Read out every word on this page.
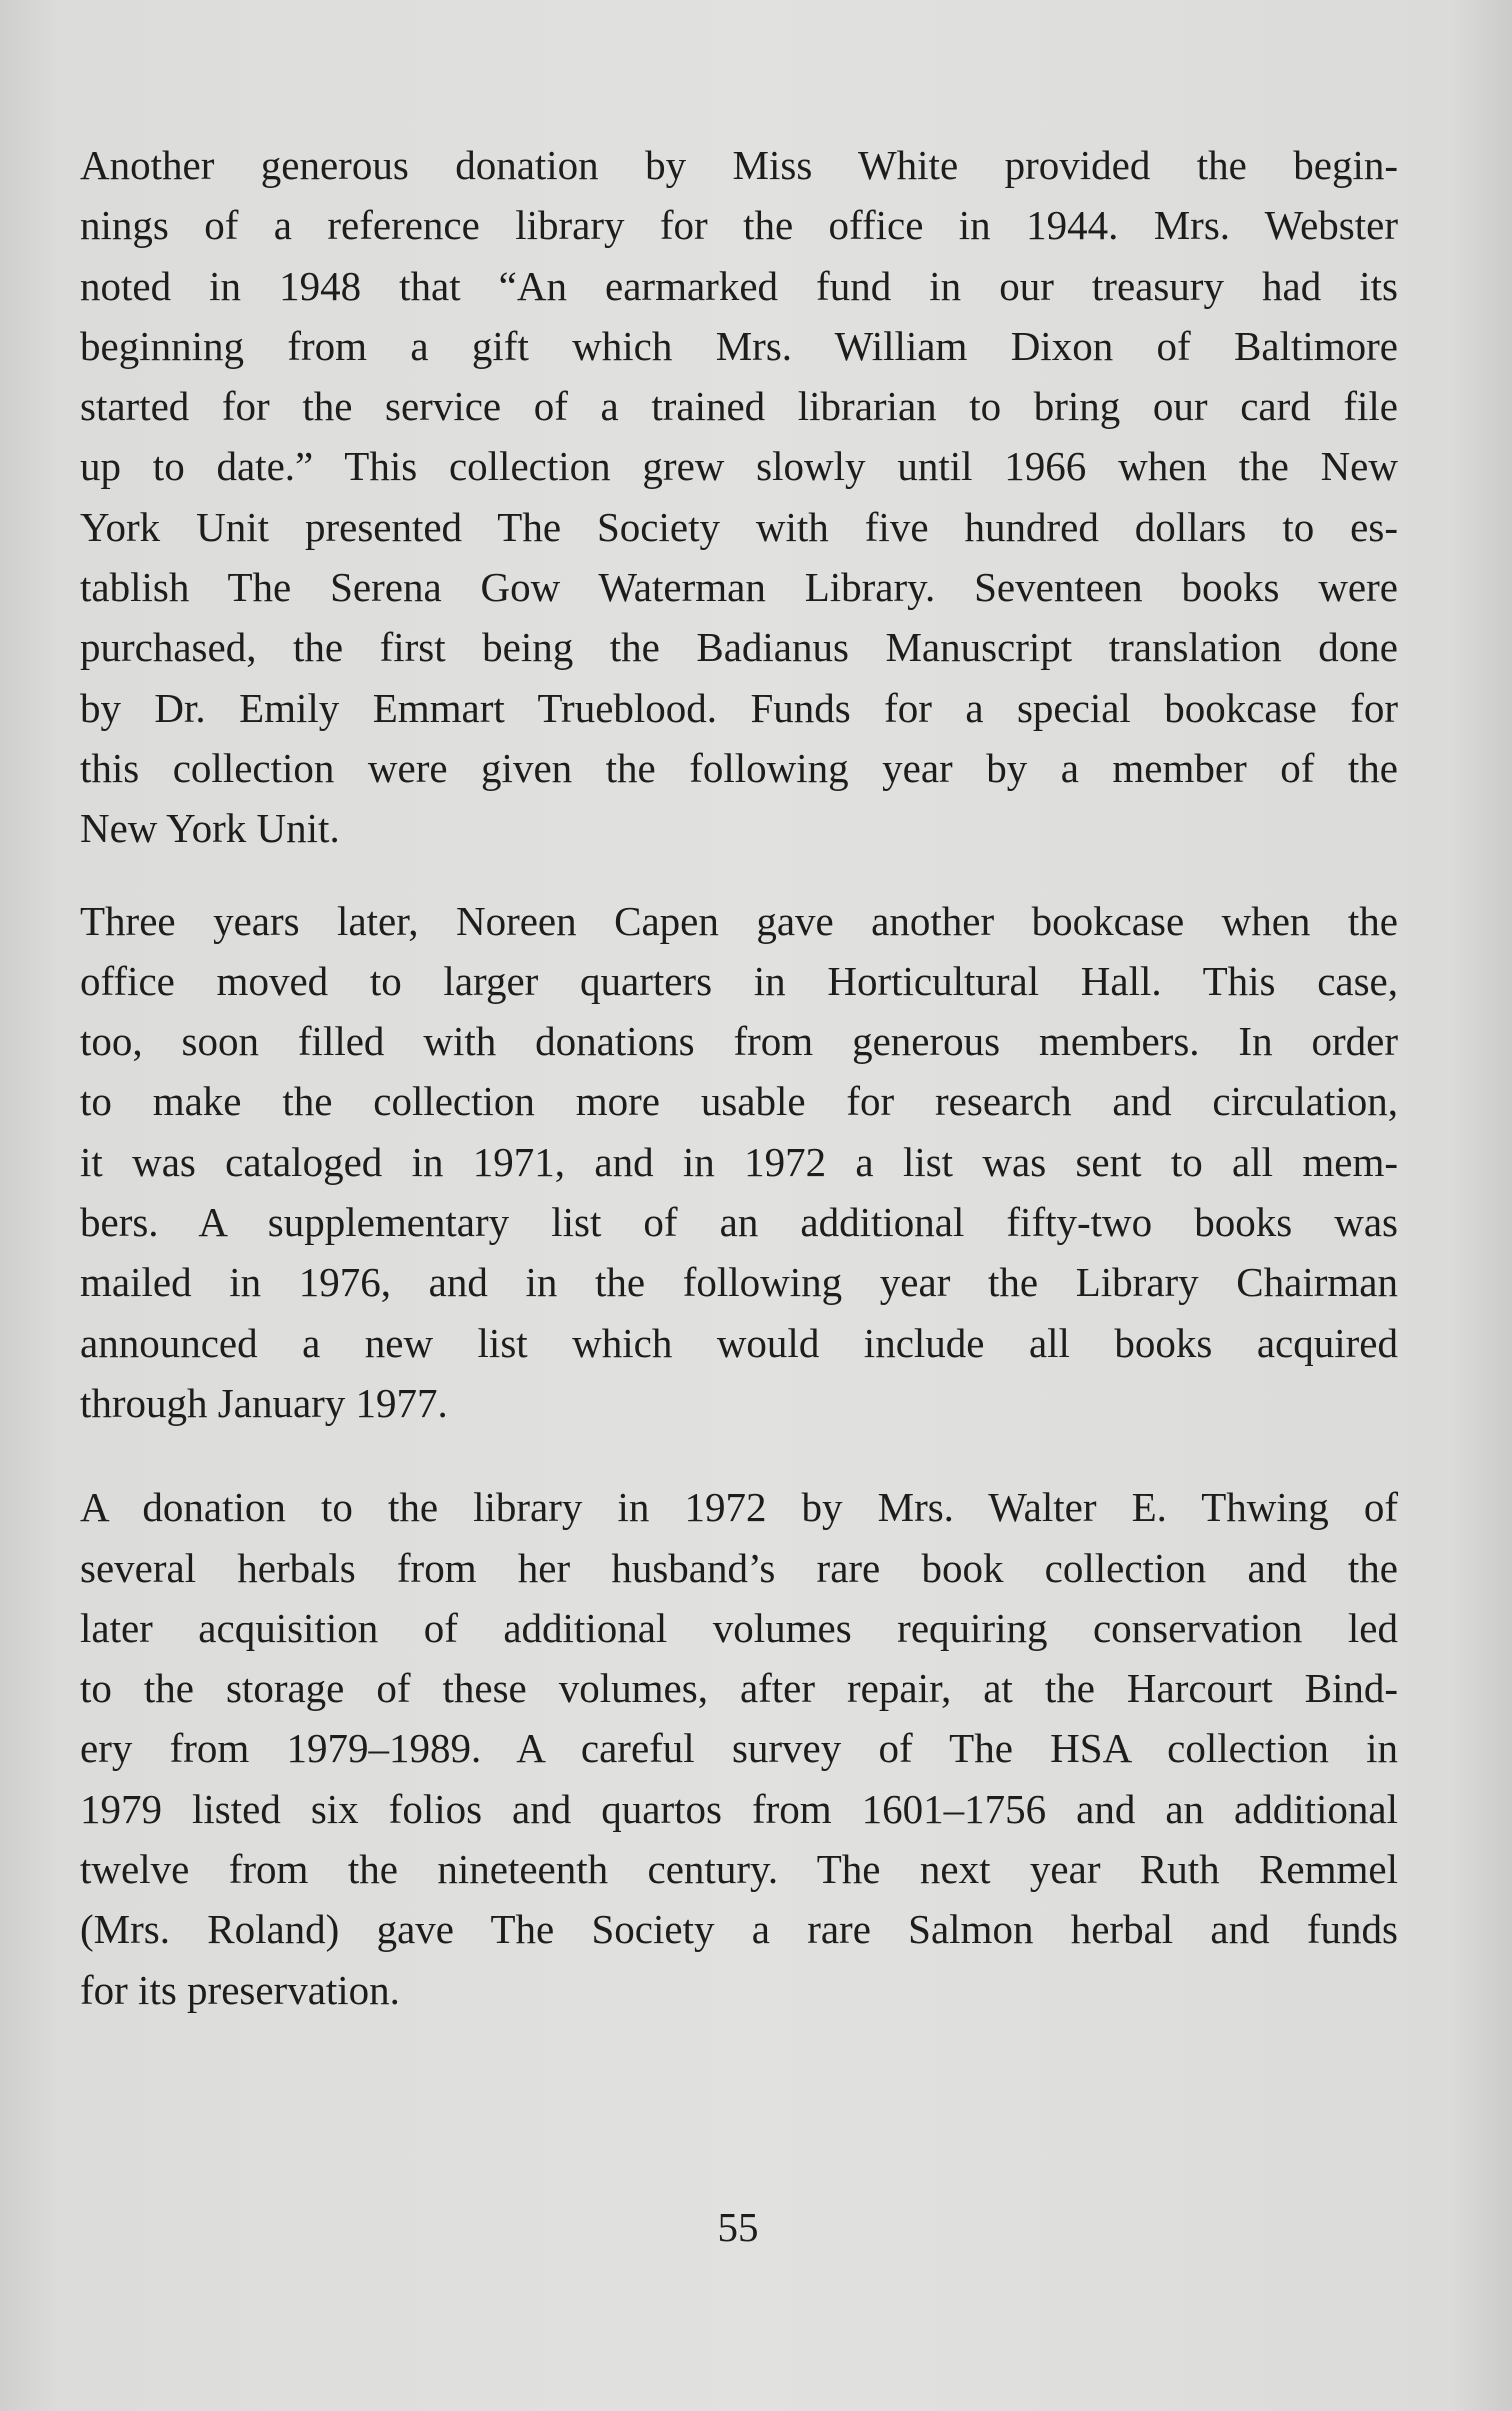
Another generous donation by Miss White provided the begin-
nings of a reference library for the office in 1944. Mrs. Webster
noted in 1948 that “An earmarked fund in our treasury had its
beginning from a gift which Mrs. William Dixon of Baltimore
started for the service of a trained librarian to bring our card file
up to date.” This collection grew slowly until 1966 when the New
York Unit presented The Society with five hundred dollars to es-
tablish The Serena Gow Waterman Library. Seventeen books were
purchased, the first being the Badianus Manuscript translation done
by Dr. Emily Emmart Trueblood. Funds for a special bookcase for
this collection were given the following year by a member of the
New York Unit.
Three years later, Noreen Capen gave another bookcase when the
office moved to larger quarters in Horticultural Hall. This case,
too, soon filled with donations from generous members. In order
to make the collection more usable for research and circulation,
it was cataloged in 1971, and in 1972 a list was sent to all mem-
bers. A supplementary list of an additional fifty-two books was
mailed in 1976, and in the following year the Library Chairman
announced a new list which would include all books acquired
through January 1977.
A donation to the library in 1972 by Mrs. Walter E. Thwing of
several herbals from her husband’s rare book collection and the
later acquisition of additional volumes requiring conservation led
to the storage of these volumes, after repair, at the Harcourt Bind-
ery from 1979–1989. A careful survey of The HSA collection in
1979 listed six folios and quartos from 1601–1756 and an additional
twelve from the nineteenth century. The next year Ruth Remmel
(Mrs. Roland) gave The Society a rare Salmon herbal and funds
for its preservation.
55
